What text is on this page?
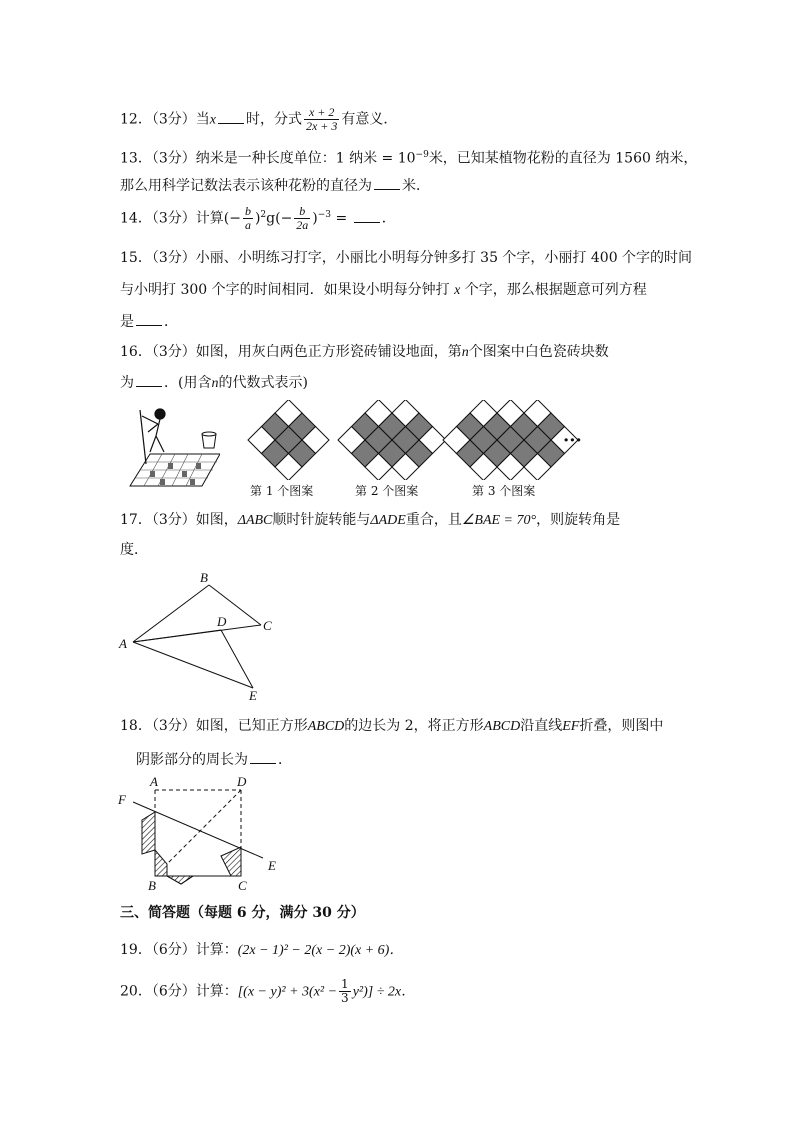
12．（3分）当x 时，分式 $\frac{x + 2}{2x + 3}$ 有意义．
13．（3分）纳米是一种长度单位：1 纳米 = $10^{-9}$米，已知某植物花粉的直径为 1560 纳米，
那么用科学记数法表示该种花粉的直径为 米．
14．（3分）计算(− $\frac{b}{a} )^2g(- \frac{b}{2a} )^{-3}$ = ．
15．（3分）小丽、小明练习打字，小丽比小明每分钟多打 35 个字，小丽打 400 个字的时间
与小明打 300 个字的时间相同．如果设小明每分钟打 x 个字，那么根据题意可列方程
是 ．
16．（3分）如图，用灰白两色正方形瓷砖铺设地面，第n个图案中白色瓷砖块数
为 ．(用含n的代数式表示)
第 1 个图案	第 2 个图案	第 3 个图案
···
17．（3分）如图，ΔABC顺时针旋转能与ΔADE重合，且∠BAE = 70°，则旋转角是
度．
A
B
C
D
E
18．（3分）如图，已知正方形ABCD的边长为 2，将正方形ABCD沿直线EF折叠，则图中
阴影部分的周长为 ．
A	D
F
E
B	C
三、简答题（每题 6 分，满分 30 分）
19．（6分）计算：(2x − 1)² − 2(x − 2)(x + 6)．
20．（6分）计算：$[(x - y)^2 + 3(x^2 - \frac{1}{3} y^2)] \div 2x$．
